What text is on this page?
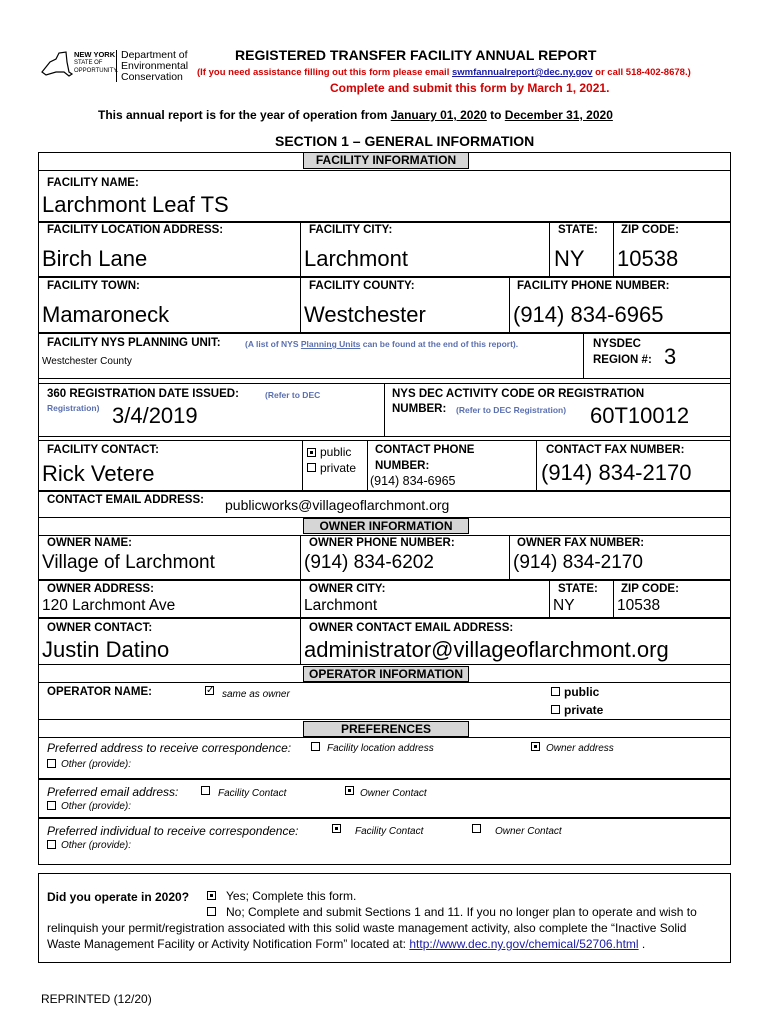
NEW YORK
STATE OF
OPPORTUNITY.
Department of
Environmental
Conservation
REGISTERED TRANSFER FACILITY ANNUAL REPORT
(If you need assistance filling out this form please email swmfannualreport@dec.ny.gov or call 518-402-8678.)
Complete and submit this form by March 1, 2021.
This annual report is for the year of operation from January 01, 2020 to December 31, 2020
SECTION 1 – GENERAL INFORMATION
FACILITY INFORMATION
FACILITY NAME:
Larchmont Leaf TS
FACILITY LOCATION ADDRESS:
Birch Lane
FACILITY CITY:
Larchmont
STATE:
NY
ZIP CODE:
10538
FACILITY TOWN:
Mamaroneck
FACILITY COUNTY:
Westchester
FACILITY PHONE NUMBER:
(914) 834-6965
FACILITY NYS PLANNING UNIT:	(A list of NYS Planning Units can be found at the end of this report).
Westchester County
NYSDEC
REGION #: 3
360 REGISTRATION DATE ISSUED:	(Refer to DEC
Registration) 3/4/2019
NYS DEC ACTIVITY CODE OR REGISTRATION
NUMBER: (Refer to DEC Registration) 60T10012
FACILITY CONTACT:
Rick Vetere
public
private
CONTACT PHONE
NUMBER:
(914) 834-6965
CONTACT FAX NUMBER:
(914) 834-2170
CONTACT EMAIL ADDRESS: publicworks@villageoflarchmont.org
OWNER INFORMATION
OWNER NAME:
Village of Larchmont
OWNER PHONE NUMBER:
(914) 834-6202
OWNER FAX NUMBER:
(914) 834-2170
OWNER ADDRESS:
120 Larchmont Ave
OWNER CITY:
Larchmont
STATE:
NY
ZIP CODE:
10538
OWNER CONTACT:
Justin Datino
OWNER CONTACT EMAIL ADDRESS:
administrator@villageoflarchmont.org
OPERATOR INFORMATION
OPERATOR NAME:	✓ same as owner	public
private
PREFERENCES
Preferred address to receive correspondence:	Facility location address	Owner address
Other (provide):
Preferred email address:	Facility Contact	Owner Contact
Other (provide):
Preferred individual to receive correspondence:	Facility Contact	Owner Contact
Other (provide):
Did you operate in 2020?	Yes; Complete this form.
No; Complete and submit Sections 1 and 11. If you no longer plan to operate and wish to
relinquish your permit/registration associated with this solid waste management activity, also complete the “Inactive Solid
Waste Management Facility or Activity Notification Form” located at: http://www.dec.ny.gov/chemical/52706.html .
REPRINTED (12/20)
